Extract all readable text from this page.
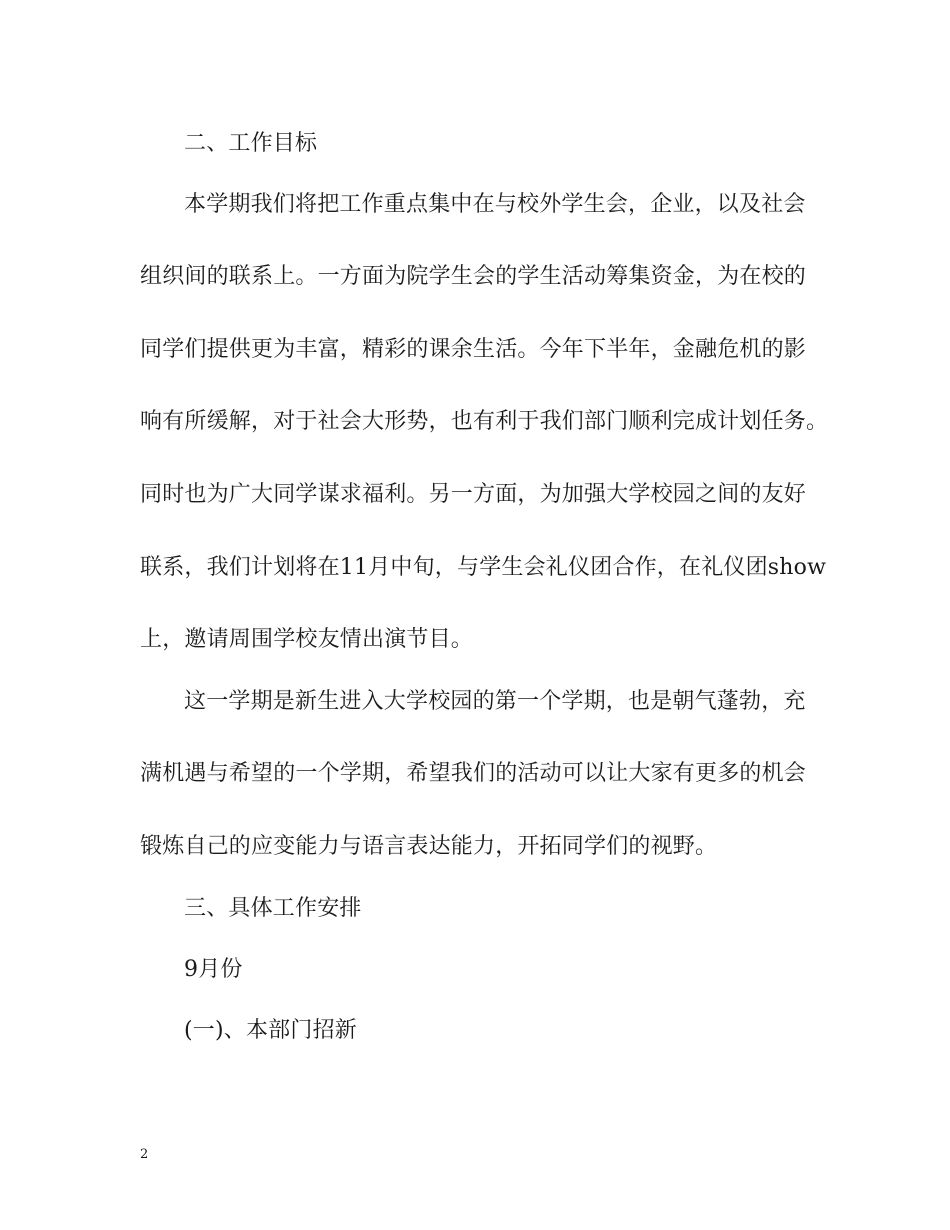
二、工作目标
本学期我们将把工作重点集中在与校外学生会，企业，以及社会
组织间的联系上。一方面为院学生会的学生活动筹集资金，为在校的
同学们提供更为丰富，精彩的课余生活。今年下半年，金融危机的影
响有所缓解，对于社会大形势，也有利于我们部门顺利完成计划任务。
同时也为广大同学谋求福利。另一方面，为加强大学校园之间的友好
联系，我们计划将在11月中旬，与学生会礼仪团合作，在礼仪团show
上，邀请周围学校友情出演节目。
这一学期是新生进入大学校园的第一个学期，也是朝气蓬勃，充
满机遇与希望的一个学期，希望我们的活动可以让大家有更多的机会
锻炼自己的应变能力与语言表达能力，开拓同学们的视野。
三、具体工作安排
9月份
(一)、本部门招新
2
